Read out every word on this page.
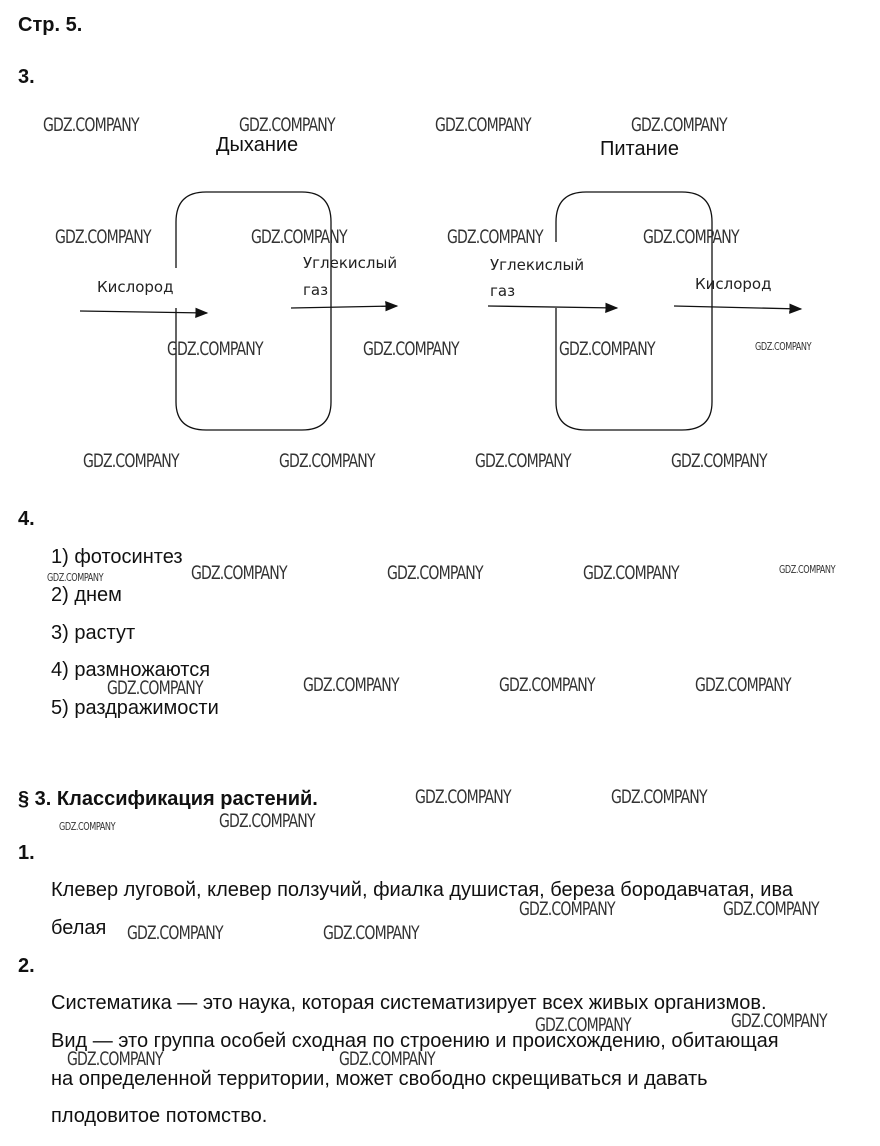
Стр. 5.
3.
Дыхание	Питание
Кислород
Углекислый
газ
Углекислый
газ	Кислород
4.
1) фотосинтез
2) днем
3) растут
4) размножаются
5) раздражимости
§ 3. Классификация растений.
1.
Клевер луговой, клевер ползучий, фиалка душистая, береза бородавчатая, ива
белая
2.
Систематика — это наука, которая систематизирует всех живых организмов.
Вид — это группа особей сходная по строению и происхождению, обитающая
на определенной территории, может свободно скрещиваться и давать
плодовитое потомство.
GDZ.COMPANY	GDZ.COMPANY	GDZ.COMPANY	GDZ.COMPANY
GDZ.COMPANY	GDZ.COMPANY	GDZ.COMPANY	GDZ.COMPANY
GDZ.COMPANY	GDZ.COMPANY	GDZ.COMPANY	GDZ.COMPANY
GDZ.COMPANY	GDZ.COMPANY	GDZ.COMPANY	GDZ.COMPANY
GDZ.COMPANY	GDZ.COMPANY	GDZ.COMPANY	GDZ.COMPANY	GDZ.COMPANY
GDZ.COMPANY	GDZ.COMPANY	GDZ.COMPANY	GDZ.COMPANY
GDZ.COMPANY	GDZ.COMPANY
GDZ.COMPANY	GDZ.COMPANY
GDZ.COMPANY	GDZ.COMPANY
GDZ.COMPANY	GDZ.COMPANY
GDZ.COMPANY	GDZ.COMPANY
GDZ.COMPANY	GDZ.COMPANY
